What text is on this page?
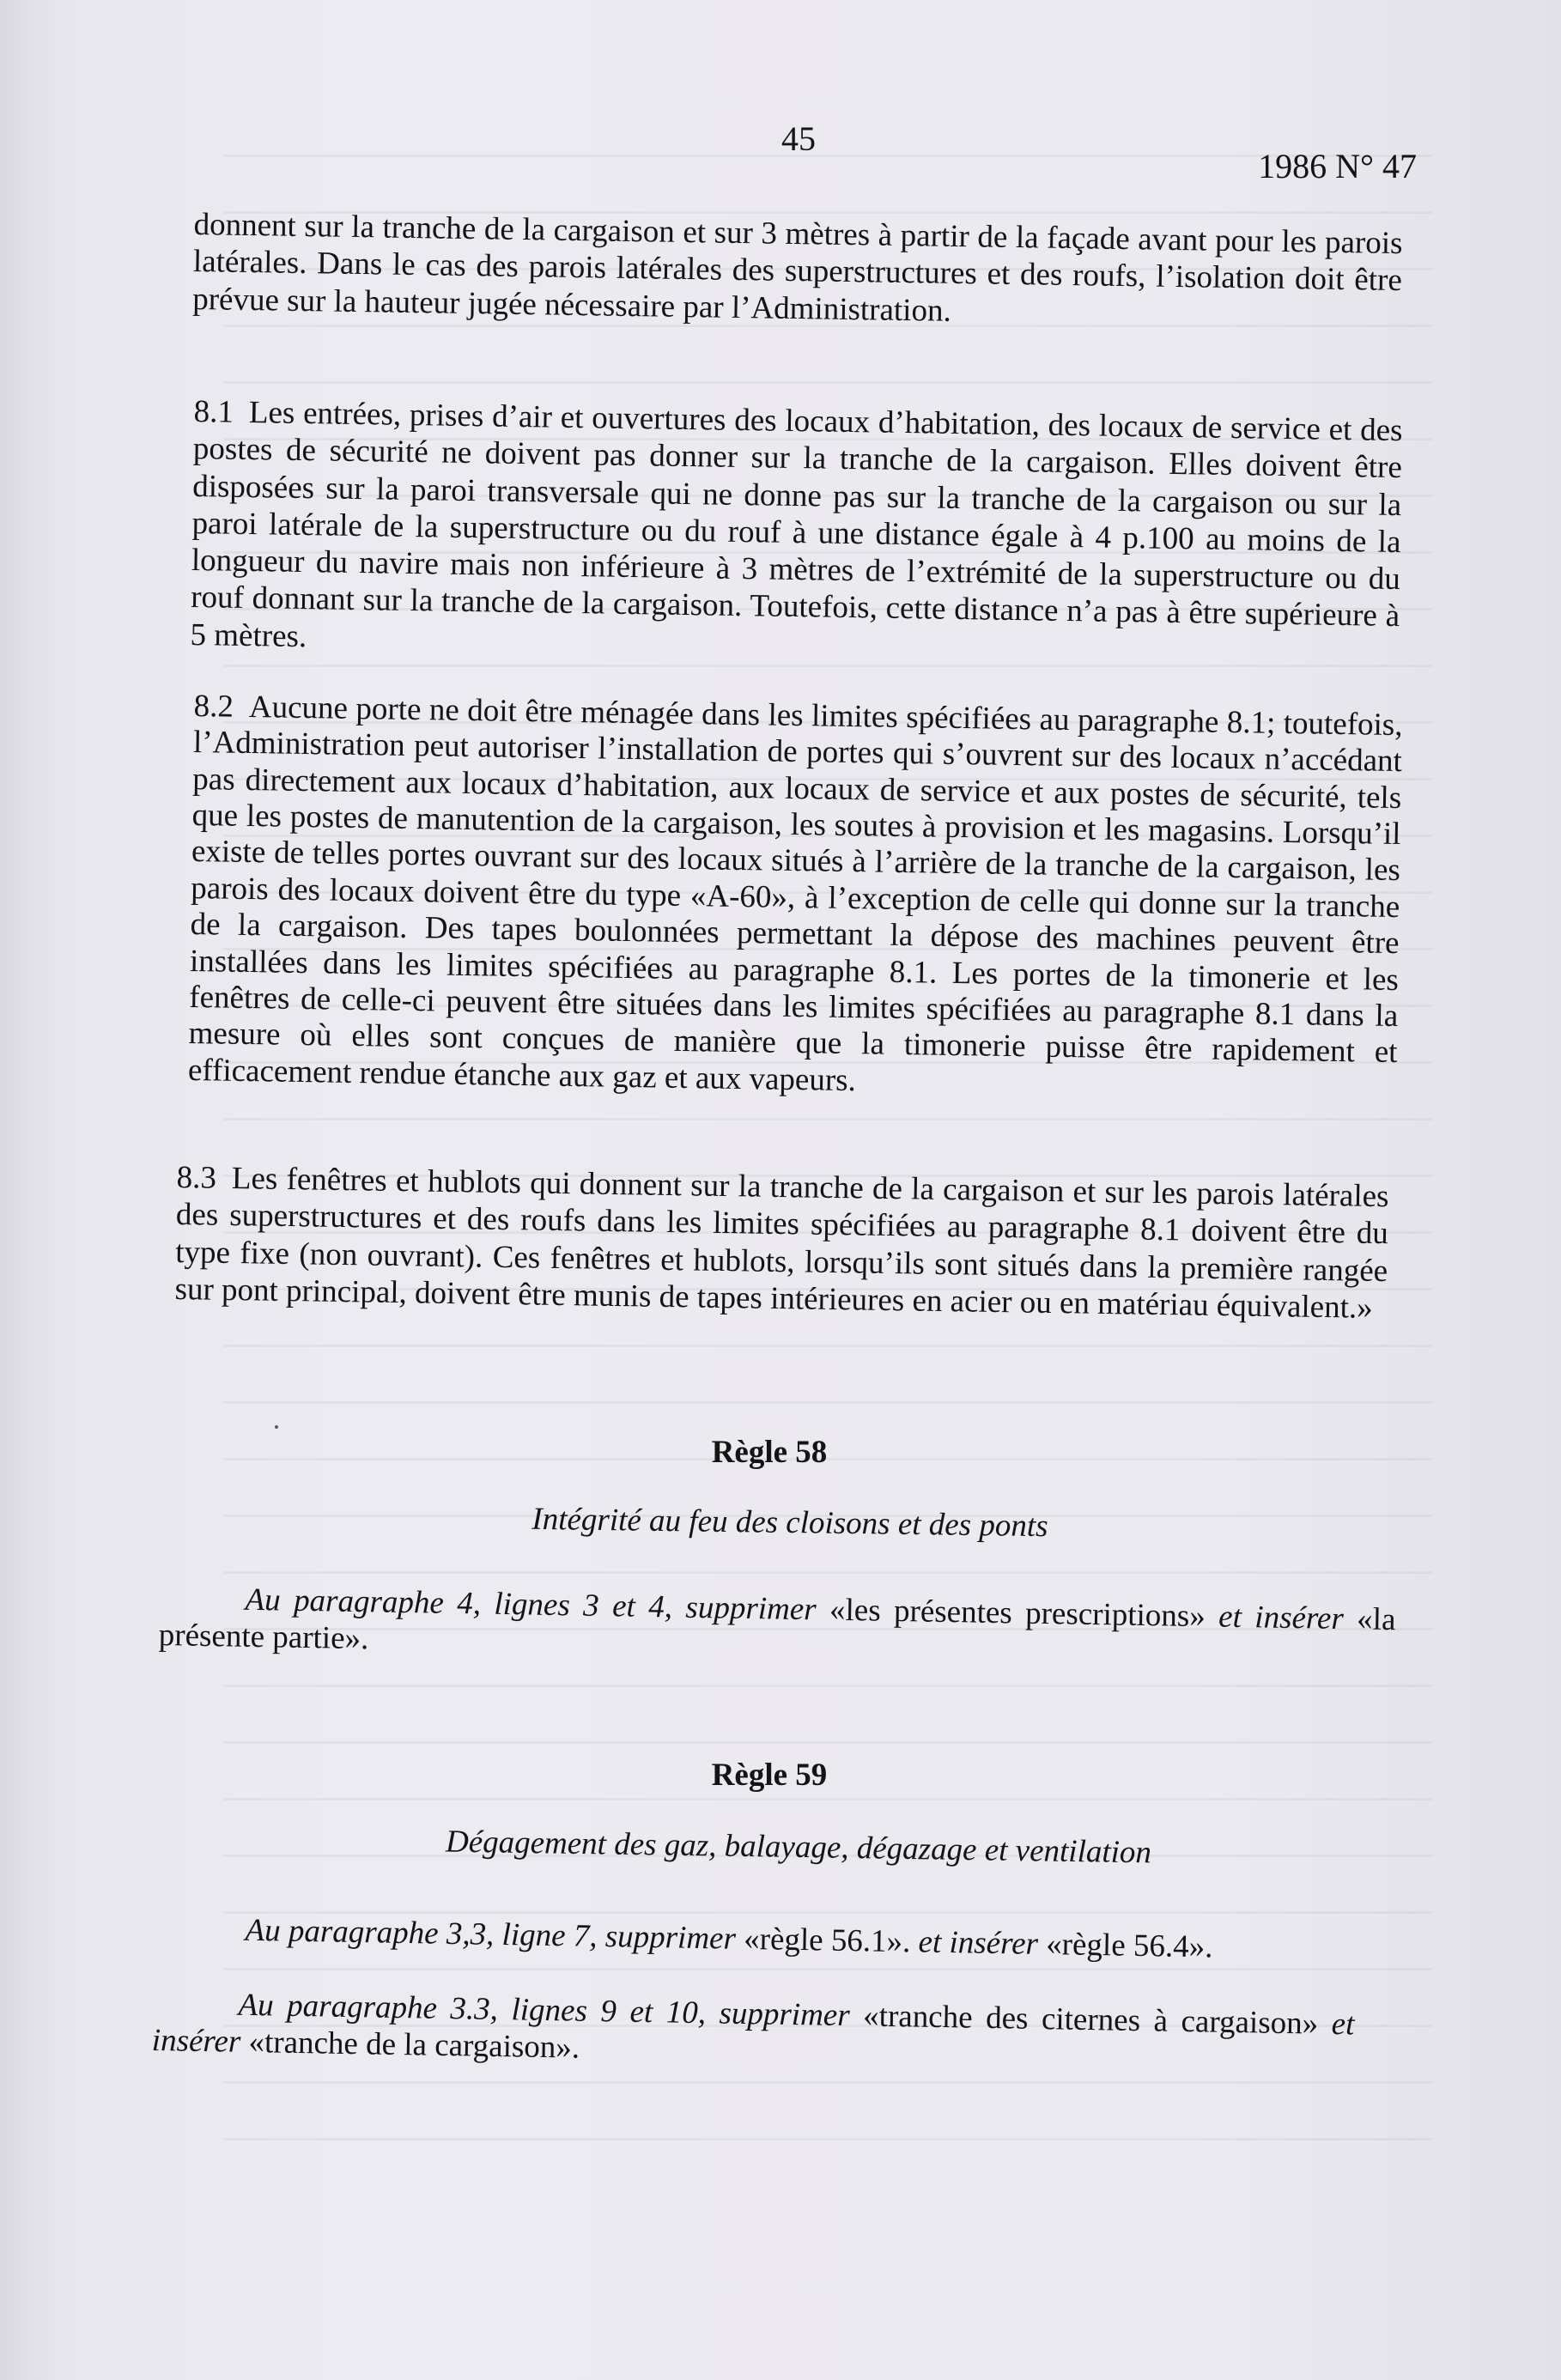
45
1986 N° 47
donnent sur la tranche de la cargaison et sur 3 mètres à partir de la façade avant pour les parois latérales. Dans le cas des parois latérales des superstructures et des roufs, l’isolation doit être prévue sur la hauteur jugée nécessaire par l’Administration.
8.1 Les entrées, prises d’air et ouvertures des locaux d’habitation, des locaux de service et des postes de sécurité ne doivent pas donner sur la tranche de la cargaison. Elles doivent être disposées sur la paroi transversale qui ne donne pas sur la tranche de la cargaison ou sur la paroi latérale de la superstructure ou du rouf à une distance égale à 4 p.100 au moins de la longueur du navire mais non inférieure à 3 mètres de l’extrémité de la superstructure ou du rouf donnant sur la tranche de la cargaison. Toutefois, cette distance n’a pas à être supérieure à 5 mètres.
8.2 Aucune porte ne doit être ménagée dans les limites spécifiées au paragraphe 8.1; toutefois, l’Administration peut autoriser l’installation de portes qui s’ouvrent sur des locaux n’accédant pas directement aux locaux d’habitation, aux locaux de service et aux postes de sécurité, tels que les postes de manutention de la cargaison, les soutes à provision et les magasins. Lorsqu’il existe de telles portes ouvrant sur des locaux situés à l’arrière de la tranche de la cargaison, les parois des locaux doivent être du type «A-60», à l’exception de celle qui donne sur la tranche de la cargaison. Des tapes boulonnées permettant la dépose des machines peuvent être installées dans les limites spécifiées au paragraphe 8.1. Les portes de la timonerie et les fenêtres de celle-ci peuvent être situées dans les limites spécifiées au paragraphe 8.1 dans la mesure où elles sont conçues de manière que la timonerie puisse être rapidement et efficacement rendue étanche aux gaz et aux vapeurs.
8.3 Les fenêtres et hublots qui donnent sur la tranche de la cargaison et sur les parois latérales des superstructures et des roufs dans les limites spécifiées au paragraphe 8.1 doivent être du type fixe (non ouvrant). Ces fenêtres et hublots, lorsqu’ils sont situés dans la première rangée sur pont principal, doivent être munis de tapes intérieures en acier ou en matériau équivalent.»
Règle 58
Intégrité au feu des cloisons et des ponts
Au paragraphe 4, lignes 3 et 4, supprimer «les présentes prescriptions» et insérer «la présente partie».
Règle 59
Dégagement des gaz, balayage, dégazage et ventilation
Au paragraphe 3,3, ligne 7, supprimer «règle 56.1». et insérer «règle 56.4».
Au paragraphe 3.3, lignes 9 et 10, supprimer «tranche des citernes à cargaison» et insérer «tranche de la cargaison».
